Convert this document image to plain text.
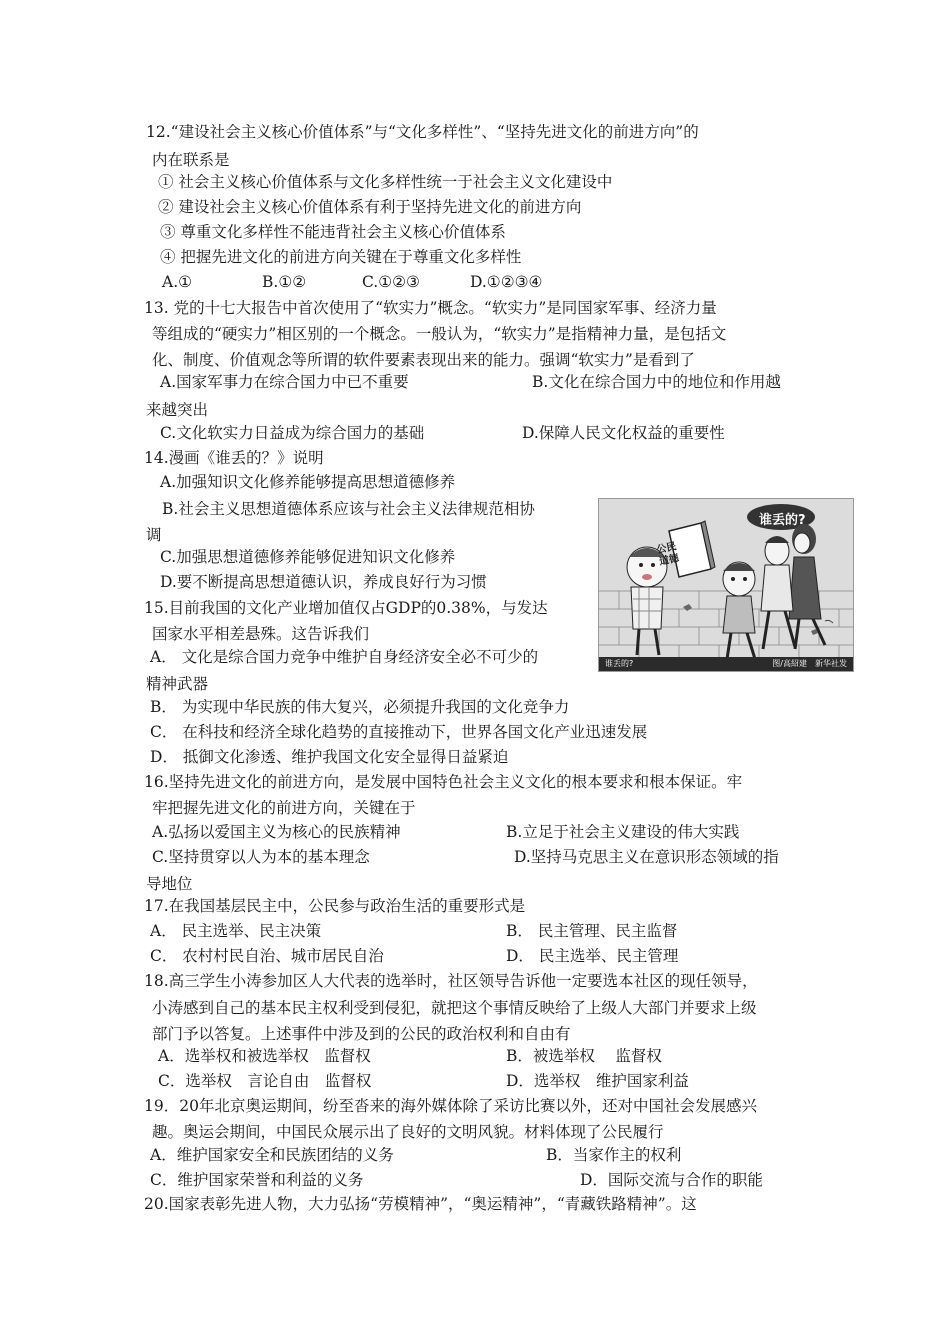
12.“建设社会主义核心价值体系”与“文化多样性”、“坚持先进文化的前进方向”的
内在联系是
① 社会主义核心价值体系与文化多样性统一于社会主义文化建设中
② 建设社会主义核心价值体系有利于坚持先进文化的前进方向
③ 尊重文化多样性不能违背社会主义核心价值体系
④ 把握先进文化的前进方向关键在于尊重文化多样性
A.①	B.①②	C.①②③	D.①②③④
13. 党的十七大报告中首次使用了“软实力”概念。“软实力”是同国家军事、经济力量
等组成的“硬实力”相区别的一个概念。一般认为，“软实力”是指精神力量，是包括文
化、制度、价值观念等所谓的软件要素表现出来的能力。强调“软实力”是看到了
A.国家军事力在综合国力中已不重要	B.文化在综合国力中的地位和作用越
来越突出
C.文化软实力日益成为综合国力的基础	D.保障人民文化权益的重要性
14.漫画《谁丢的？》说明
A.加强知识文化修养能够提高思想道德修养
B.社会主义思想道德体系应该与社会主义法律规范相协
调
C.加强思想道德修养能够促进知识文化修养
D.要不断提高思想道德认识，养成良好行为习惯
15.目前我国的文化产业增加值仅占GDP的0.38%，与发达
国家水平相差悬殊。这告诉我们
A． 文化是综合国力竞争中维护自身经济安全必不可少的
精神武器
B． 为实现中华民族的伟大复兴，必须提升我国的文化竞争力
C． 在科技和经济全球化趋势的直接推动下，世界各国文化产业迅速发展
D． 抵御文化渗透、维护我国文化安全显得日益紧迫
16.坚持先进文化的前进方向，是发展中国特色社会主义文化的根本要求和根本保证。牢
牢把握先进文化的前进方向，关键在于
A.弘扬以爱国主义为核心的民族精神	B.立足于社会主义建设的伟大实践
C.坚持贯穿以人为本的基本理念	D.坚持马克思主义在意识形态领域的指
导地位
17.在我国基层民主中，公民参与政治生活的重要形式是
A． 民主选举、民主决策	B． 民主管理、民主监督
C． 农村村民自治、城市居民自治	D． 民主选举、民主管理
18.高三学生小涛参加区人大代表的选举时，社区领导告诉他一定要选本社区的现任领导，
小涛感到自己的基本民主权利受到侵犯，就把这个事情反映给了上级人大部门并要求上级
部门予以答复。上述事件中涉及到的公民的政治权利和自由有
A．选举权和被选举权　监督权	B．被选举权　 监督权
C．选举权　言论自由　监督权	D．选举权　维护国家利益
19．20年北京奥运期间，纷至沓来的海外媒体除了采访比赛以外，还对中国社会发展感兴
趣。奥运会期间，中国民众展示出了良好的文明风貌。材料体现了公民履行
A．维护国家安全和民族团结的义务	B．当家作主的权利
C．维护国家荣誉和利益的义务	D．国际交流与合作的职能
20.国家表彰先进人物，大力弘扬“劳模精神”，“奥运精神”，“青藏铁路精神”。这
谁丢的?
公民道德
谁丢的?	图/高紹建　新华社发
